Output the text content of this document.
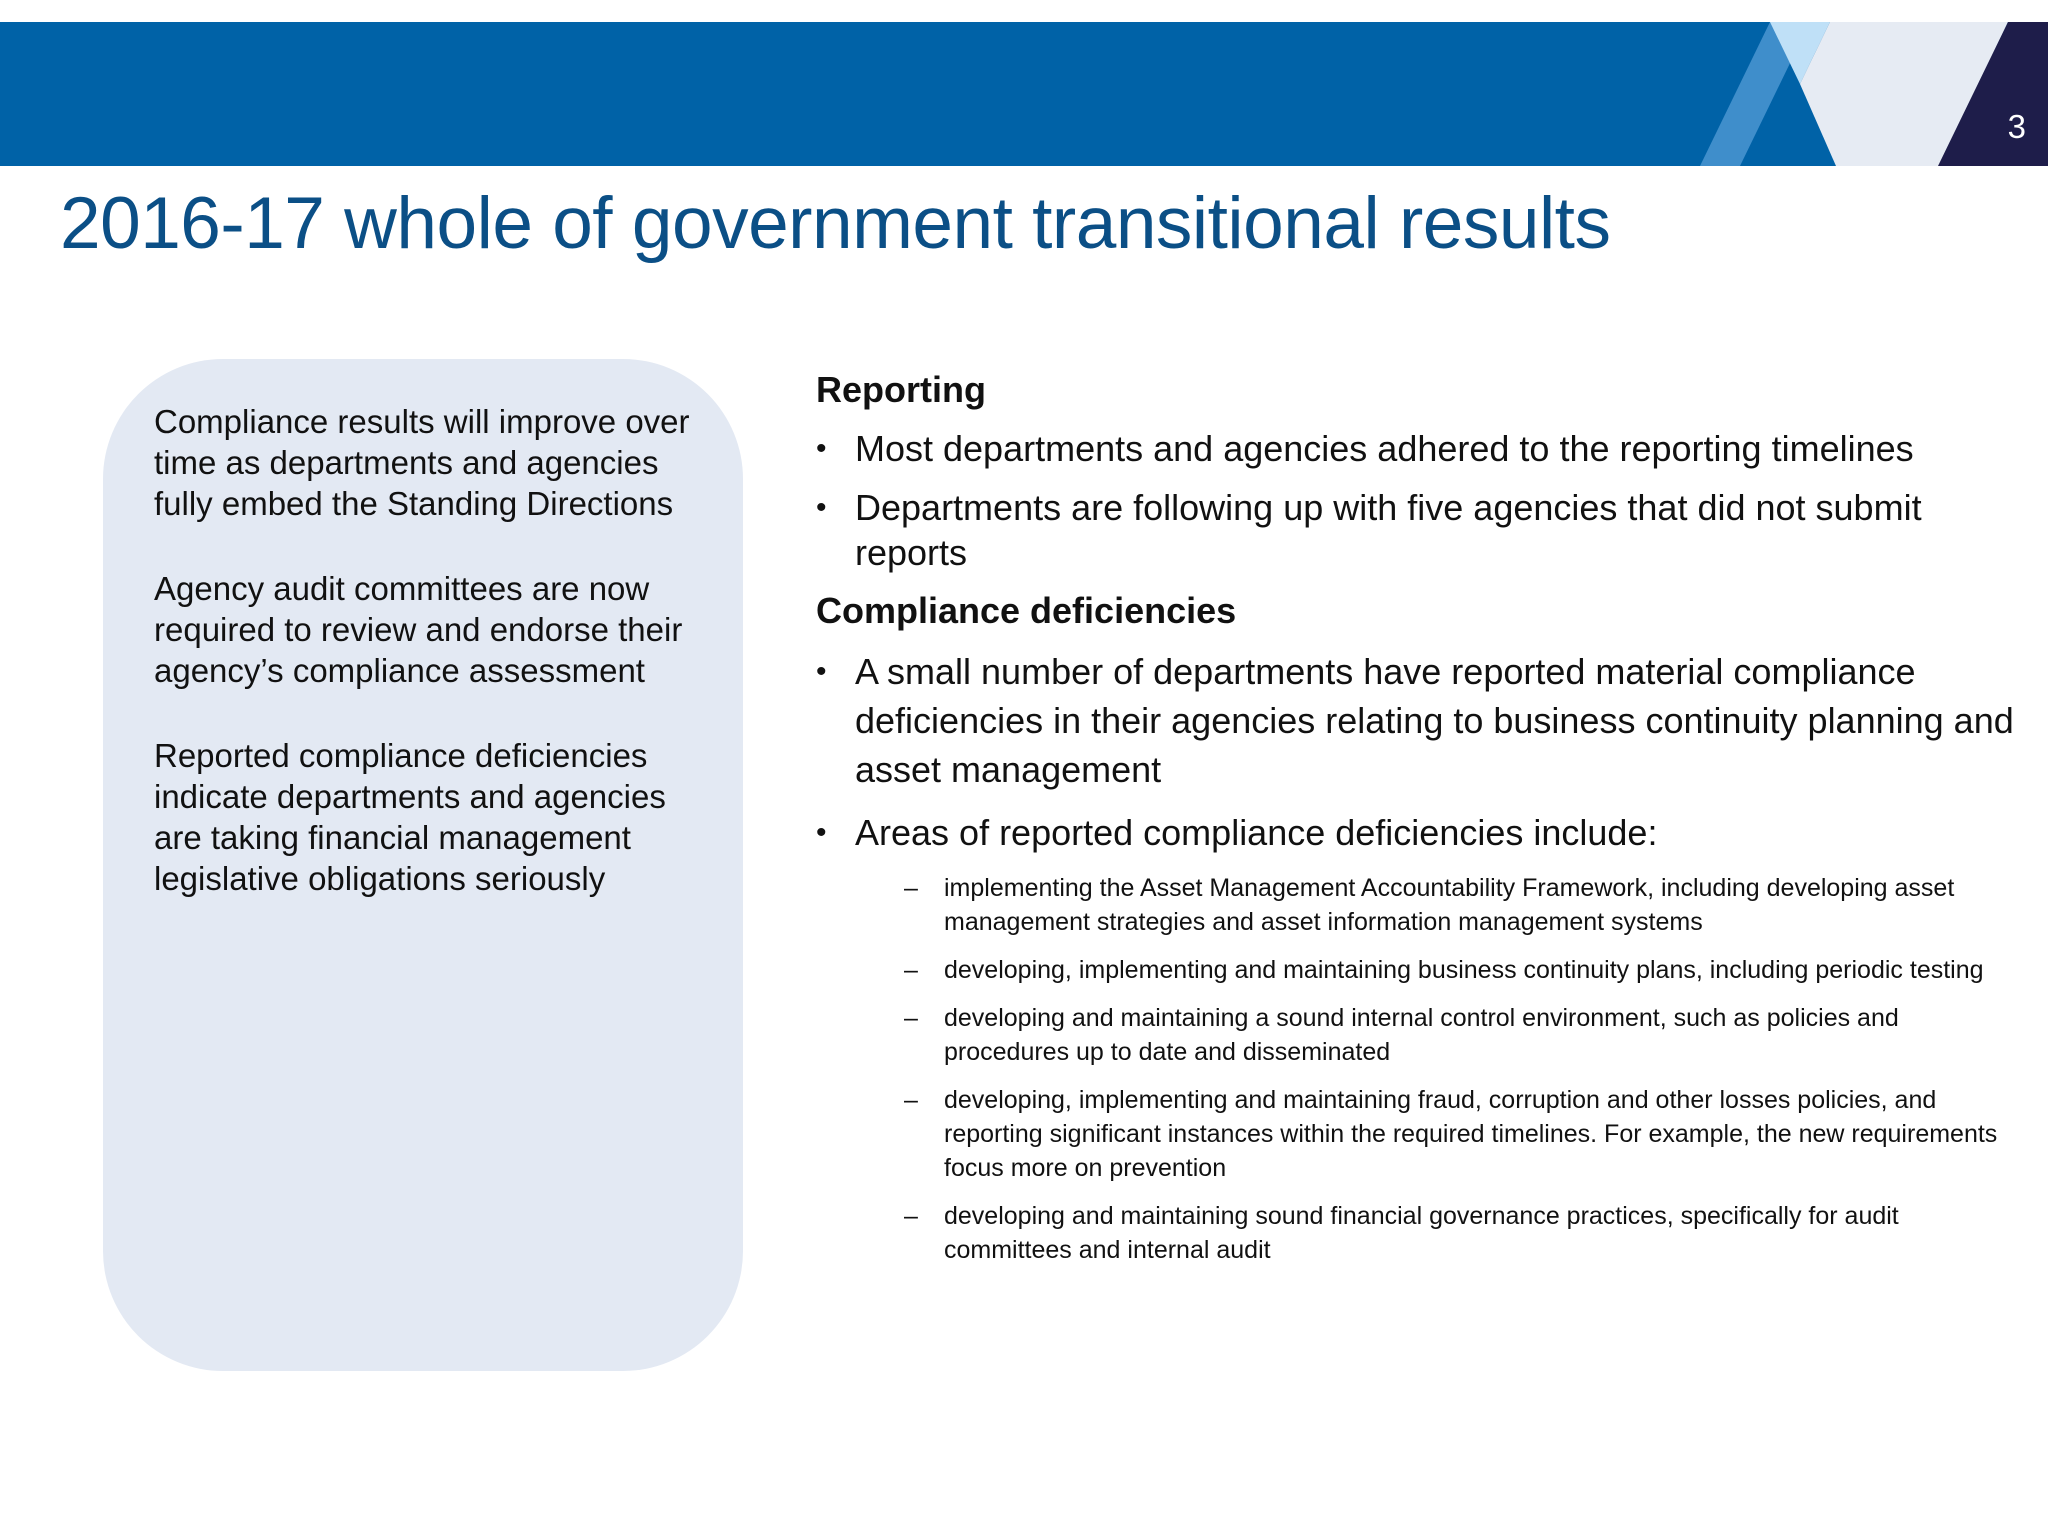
3
2016-17 whole of government transitional results

Compliance results will improve over time as departments and agencies fully embed the Standing Directions

Agency audit committees are now required to review and endorse their agency’s compliance assessment

Reported compliance deficiencies indicate departments and agencies are taking financial management legislative obligations seriously

Reporting
• Most departments and agencies adhered to the reporting timelines
• Departments are following up with five agencies that did not submit reports
Compliance deficiencies
• A small number of departments have reported material compliance deficiencies in their agencies relating to business continuity planning and asset management
• Areas of reported compliance deficiencies include:
– implementing the Asset Management Accountability Framework, including developing asset management strategies and asset information management systems
– developing, implementing and maintaining business continuity plans, including periodic testing
– developing and maintaining a sound internal control environment, such as policies and procedures up to date and disseminated
– developing, implementing and maintaining fraud, corruption and other losses policies, and reporting significant instances within the required timelines. For example, the new requirements focus more on prevention
– developing and maintaining sound financial governance practices, specifically for audit committees and internal audit
